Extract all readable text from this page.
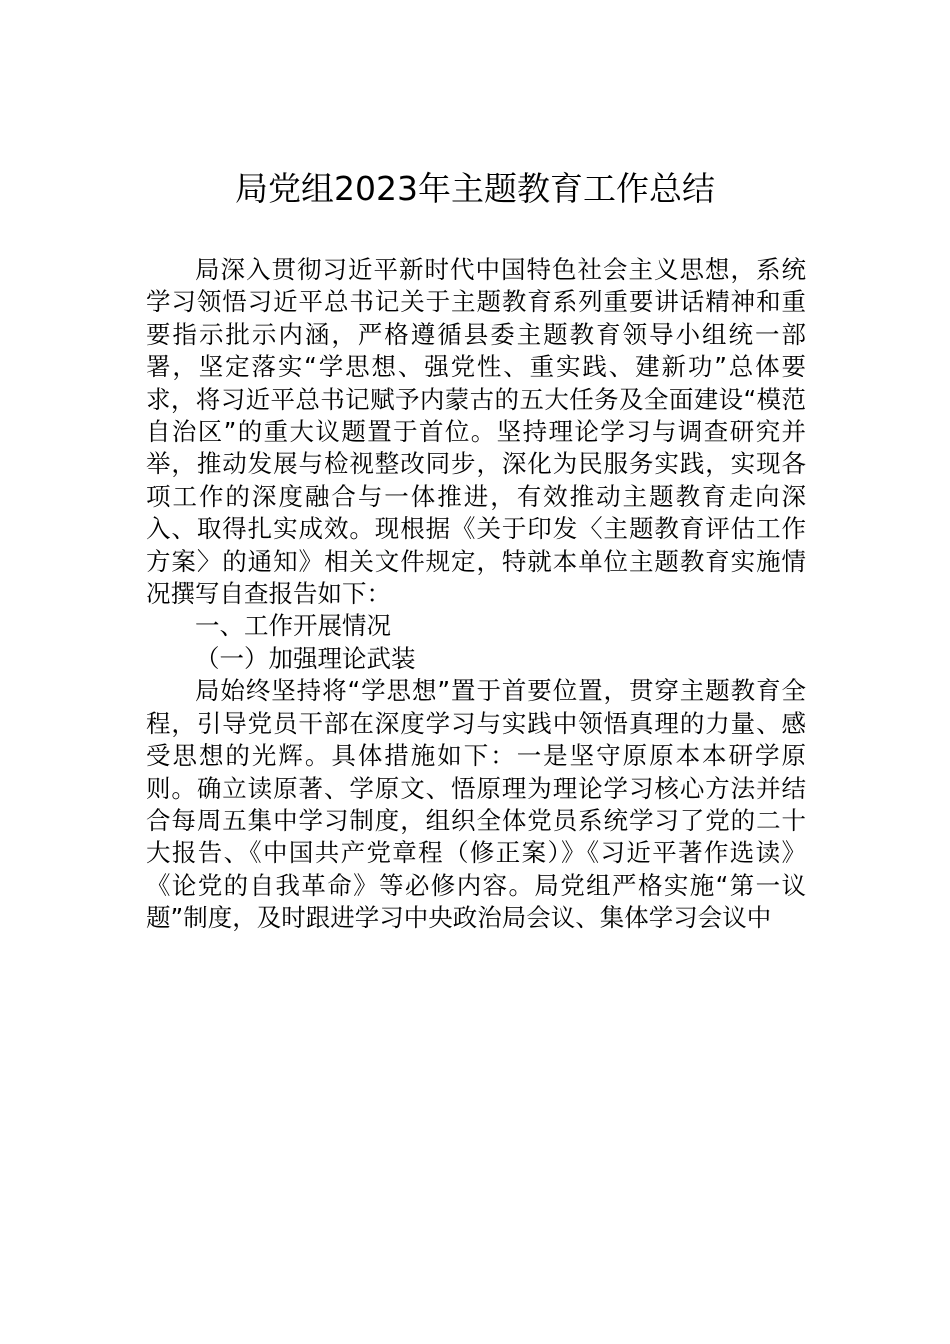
局党组2023年主题教育工作总结

局深入贯彻习近平新时代中国特色社会主义思想，系统学习领悟习近平总书记关于主题教育系列重要讲话精神和重要指示批示内涵，严格遵循县委主题教育领导小组统一部署，坚定落实“学思想、强党性、重实践、建新功”总体要求，将习近平总书记赋予内蒙古的五大任务及全面建设“模范自治区”的重大议题置于首位。坚持理论学习与调查研究并举，推动发展与检视整改同步，深化为民服务实践，实现各项工作的深度融合与一体推进，有效推动主题教育走向深入、取得扎实成效。现根据《关于印发〈主题教育评估工作方案〉的通知》相关文件规定，特就本单位主题教育实施情况撰写自查报告如下：

一、工作开展情况

（一）加强理论武装

局始终坚持将“学思想”置于首要位置，贯穿主题教育全程，引导党员干部在深度学习与实践中领悟真理的力量、感受思想的光辉。具体措施如下：一是坚守原原本本研学原则。确立读原著、学原文、悟原理为理论学习核心方法并结合每周五集中学习制度，组织全体党员系统学习了党的二十大报告、《中国共产党章程（修正案）》《习近平著作选读》《论党的自我革命》等必修内容。局党组严格实施“第一议题”制度，及时跟进学习中央政治局会议、集体学习会议中
